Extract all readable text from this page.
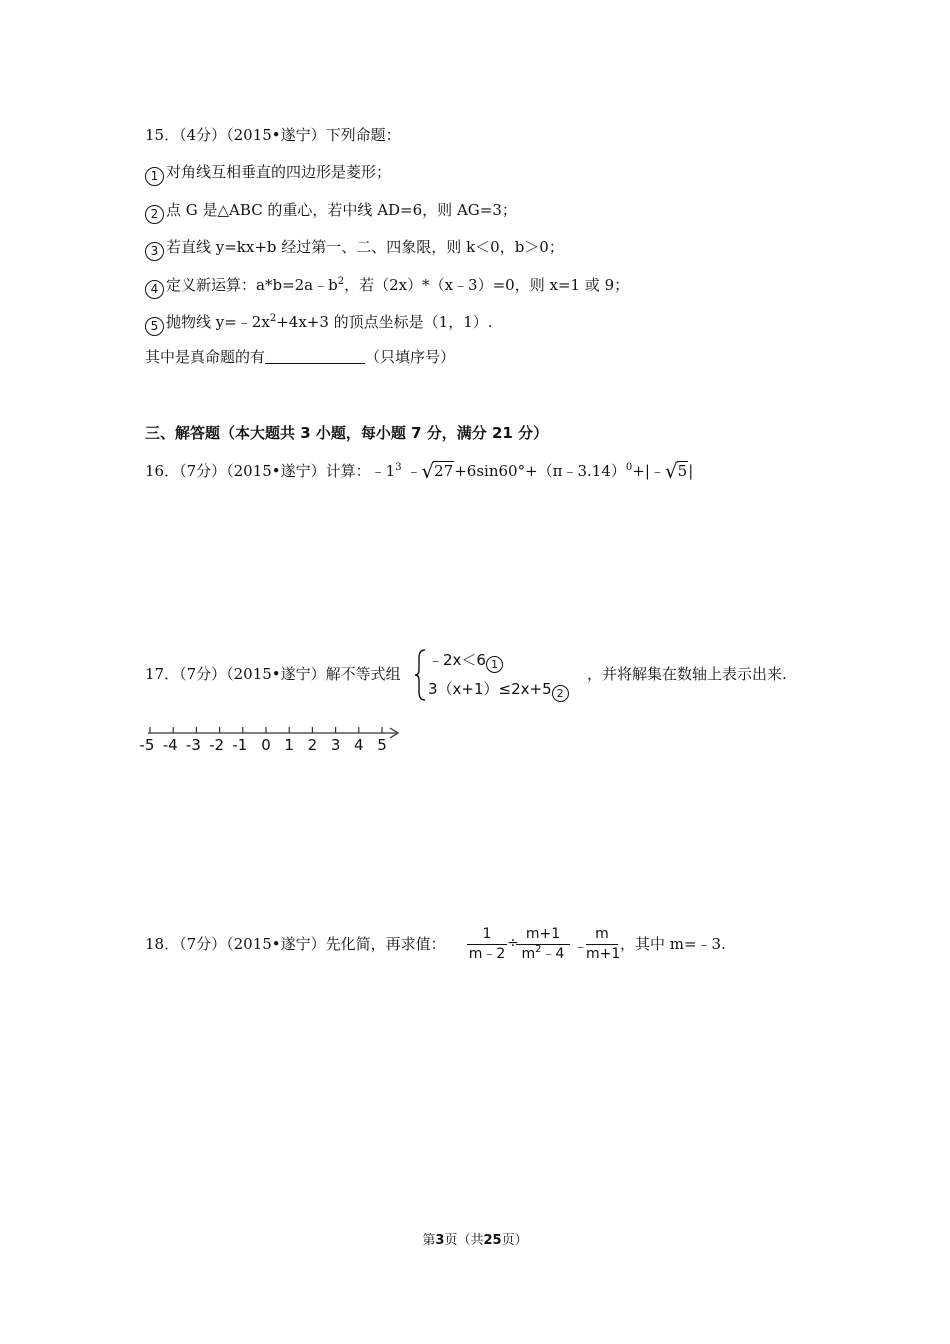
15．（4分）（2015•遂宁）下列命题：
1 对角线互相垂直的四边形是菱形；
2 点 G 是△ABC 的重心，若中线 AD=6，则 AG=3；
3 若直线 y=kx+b 经过第一、二、四象限，则 k＜0，b＞0；
4 定义新运算：$a*b=2a﹣b^2$，若（2x）*（x﹣3）=0，则 x=1 或 9；
5 抛物线 $y=﹣2x^2+4x+3$ 的顶点坐标是（1，1）.
其中是真命题的有	（只填序号）
三、解答题（本大题共 3 小题，每小题 7 分，满分 21 分）
16．（7分）（2015•遂宁）计算：$﹣1^3$ ﹣√27+6sin60°+（π﹣3.14）$^0$+|﹣√5|
17．（7分）（2015•遂宁）解不等式组
﹣2x＜6 1
3（x+1）≤2x+5 2
，并将解集在数轴上表示出来.
-5 -4 -3 -2 -1 0 1 2 3 4 5
18．（7分）（2015•遂宁）先化简，再求值：
1
m﹣2
÷
m+1
$m^2﹣4$ ﹣
m
m+1
，其中 m=﹣3.
第3页（共25页）
